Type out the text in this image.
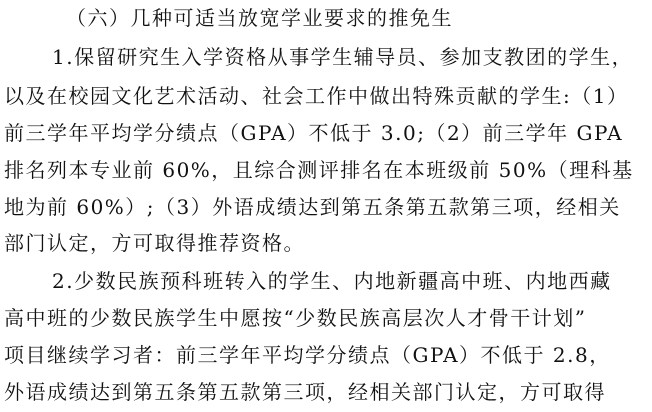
（六）几种可适当放宽学业要求的推免生
1.保留研究生入学资格从事学生辅导员、参加支教团的学生，
以及在校园文化艺术活动、社会工作中做出特殊贡献的学生:（1）
前三学年平均学分绩点（GPA）不低于 3.0;（2）前三学年 GPA
排名列本专业前 60%，且综合测评排名在本班级前 50%（理科基
地为前 60%）;（3）外语成绩达到第五条第五款第三项，经相关
部门认定，方可取得推荐资格。
2.少数民族预科班转入的学生、内地新疆高中班、内地西藏
高中班的少数民族学生中愿按“少数民族高层次人才骨干计划”
项目继续学习者：前三学年平均学分绩点（GPA）不低于 2.8，
外语成绩达到第五条第五款第三项，经相关部门认定，方可取得
